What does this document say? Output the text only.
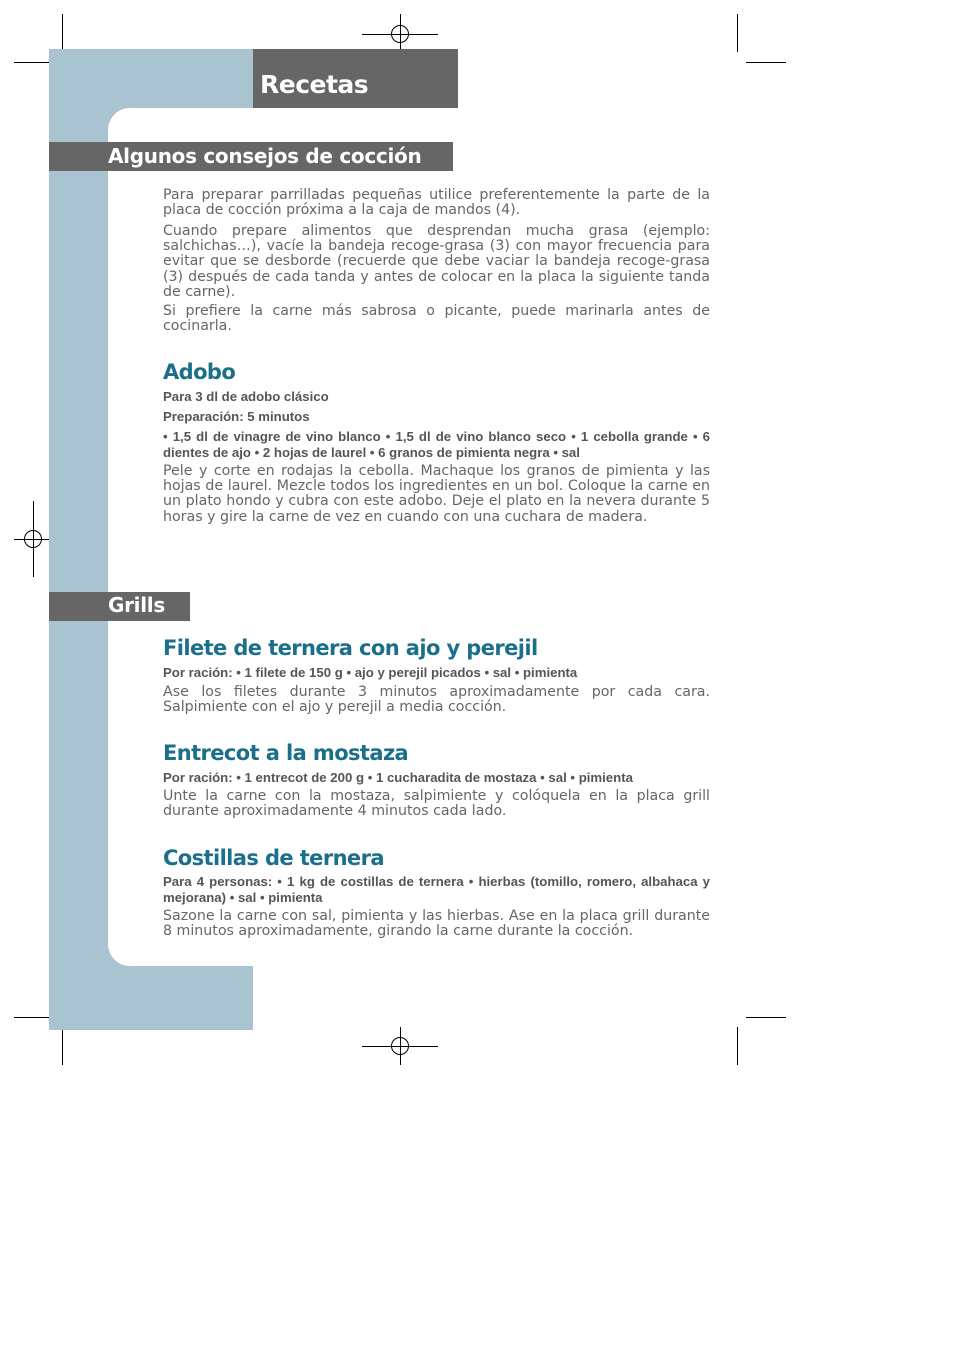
Recetas
Algunos consejos de cocción

Para preparar parrilladas pequeñas utilice preferentemente la parte de la placa de cocción próxima a la caja de mandos (4).

Cuando prepare alimentos que desprendan mucha grasa (ejemplo: salchichas…), vacíe la bandeja recoge-grasa (3) con mayor frecuencia para evitar que se desborde (recuerde que debe vaciar la bandeja recoge-grasa (3) después de cada tanda y antes de colocar en la placa la siguiente tanda de carne).

Si prefiere la carne más sabrosa o picante, puede marinarla antes de cocinarla.

Adobo

Para 3 dl de adobo clásico

Preparación: 5 minutos

• 1,5 dl de vinagre de vino blanco • 1,5 dl de vino blanco seco • 1 cebolla grande • 6 dientes de ajo • 2 hojas de laurel • 6 granos de pimienta negra • sal

Pele y corte en rodajas la cebolla. Machaque los granos de pimienta y las hojas de laurel. Mezcle todos los ingredientes en un bol. Coloque la carne en un plato hondo y cubra con este adobo. Deje el plato en la nevera durante 5 horas y gire la carne de vez en cuando con una cuchara de madera.

Grills
Filete de ternera con ajo y perejil

Por ración: • 1 filete de 150 g • ajo y perejil picados • sal • pimienta

Ase los filetes durante 3 minutos aproximadamente por cada cara. Salpimiente con el ajo y perejil a media cocción.

Entrecot a la mostaza

Por ración: • 1 entrecot de 200 g • 1 cucharadita de mostaza • sal • pimienta

Unte la carne con la mostaza, salpimiente y colóquela en la placa grill durante aproximadamente 4 minutos cada lado.

Costillas de ternera

Para 4 personas: • 1 kg de costillas de ternera • hierbas (tomillo, romero, albahaca y mejorana) • sal • pimienta

Sazone la carne con sal, pimienta y las hierbas. Ase en la placa grill durante 8 minutos aproximadamente, girando la carne durante la cocción.
